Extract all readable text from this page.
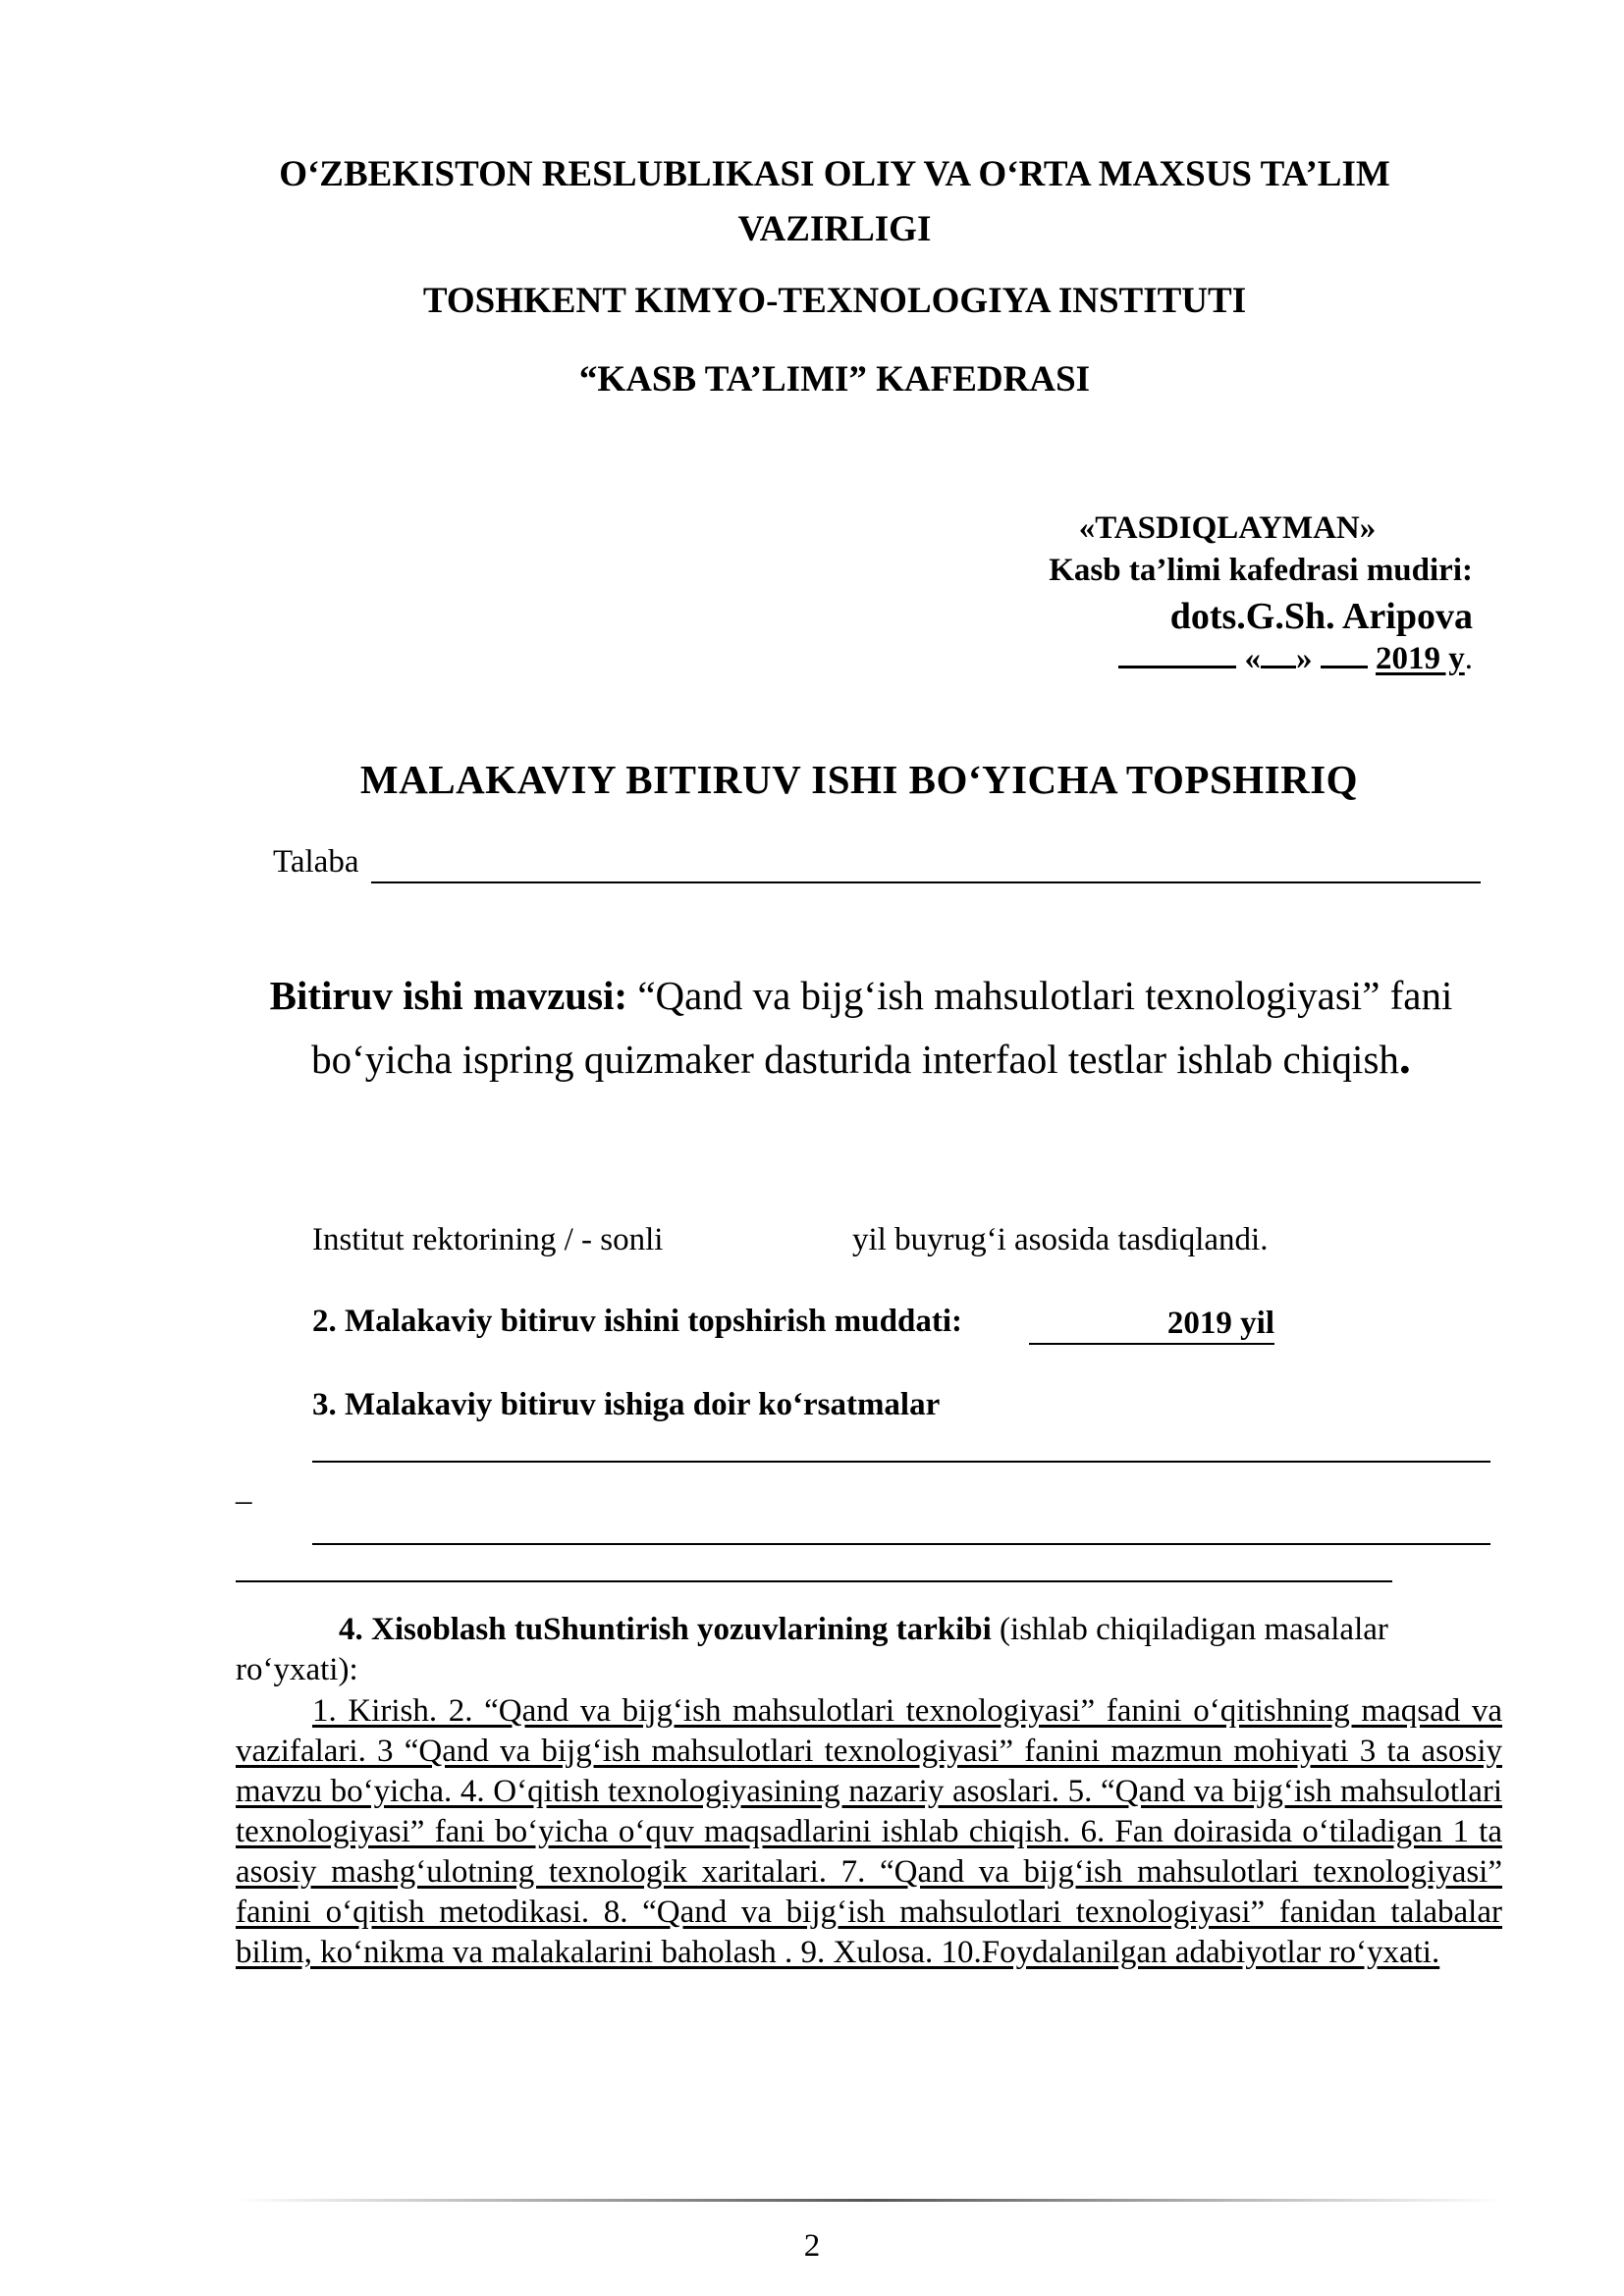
O‘ZBEKISTON RESLUBLIKASI OLIY VA O‘RTA MAXSUS TA’LIM VAZIRLIGI
TOSHKENT KIMYO-TEXNOLOGIYA INSTITUTI
“KASB TA’LIMI” KAFEDRASI
«TASDIQLAYMAN»
Kasb ta’limi kafedrasi mudiri:
dots.G.Sh. Aripova
« » 2019 y.
MALAKAVIY BITIRUV ISHI BO‘YICHA TOPSHIRIQ
Talaba
Bitiruv ishi mavzusi: “Qand va bijg‘ish mahsulotlari texnologiyasi” fani bo‘yicha ispring quizmaker dasturida interfaol testlar ishlab chiqish.
Institut rektorining / - sonli	yil buyrug‘i asosida tasdiqlandi.
2. Malakaviy bitiruv ishini topshirish muddati:	2019 yil
3. Malakaviy bitiruv ishiga doir ko‘rsatmalar
_
4. Xisoblash tuShuntirish yozuvlarining tarkibi (ishlab chiqiladigan masalalar ro‘yxati):
1. Kirish. 2. “Qand va bijg‘ish mahsulotlari texnologiyasi” fanini o‘qitishning maqsad va vazifalari. 3 “Qand va bijg‘ish mahsulotlari texnologiyasi” fanini mazmun mohiyati 3 ta asosiy mavzu bo‘yicha. 4. O‘qitish texnologiyasining nazariy asoslari. 5. “Qand va bijg‘ish mahsulotlari texnologiyasi” fani bo‘yicha o‘quv maqsadlarini ishlab chiqish. 6. Fan doirasida o‘tiladigan 1 ta asosiy mashg‘ulotning texnologik xaritalari. 7. “Qand va bijg‘ish mahsulotlari texnologiyasi” fanini o‘qitish metodikasi. 8. “Qand va bijg‘ish mahsulotlari texnologiyasi” fanidan talabalar bilim, ko‘nikma va malakalarini baholash . 9. Xulosa. 10.Foydalanilgan adabiyotlar ro‘yxati.
2
